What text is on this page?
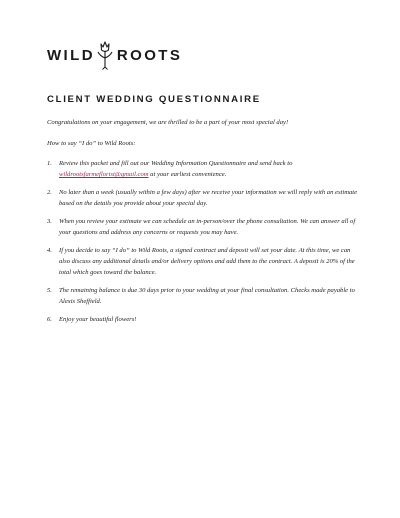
WILD ROOTS
CLIENT WEDDING QUESTIONNAIRE
Congratulations on your engagement, we are thrilled to be a part of your most special day!
How to say “I do” to Wild Roots:
1. Review this packet and fill out our Wedding Information Questionnaire and send back to wildrootsfarmeflorist@gmail.com at your earliest convenience.
2. No later than a week (usually within a few days) after we receive your information we will reply with an estimate based on the details you provide about your special day.
3. When you review your estimate we can schedule an in-person/over the phone consultation. We can answer all of your questions and address any concerns or requests you may have.
4. If you decide to say “I do” to Wild Roots, a signed contract and deposit will set your date. At this time, we can also discuss any additional details and/or delivery options and add them to the contract. A deposit is 20% of the total which goes toward the balance.
5. The remaining balance is due 30 days prior to your wedding at your final consultation. Checks made payable to Alexis Sheffield.
6. Enjoy your beautiful flowers!
